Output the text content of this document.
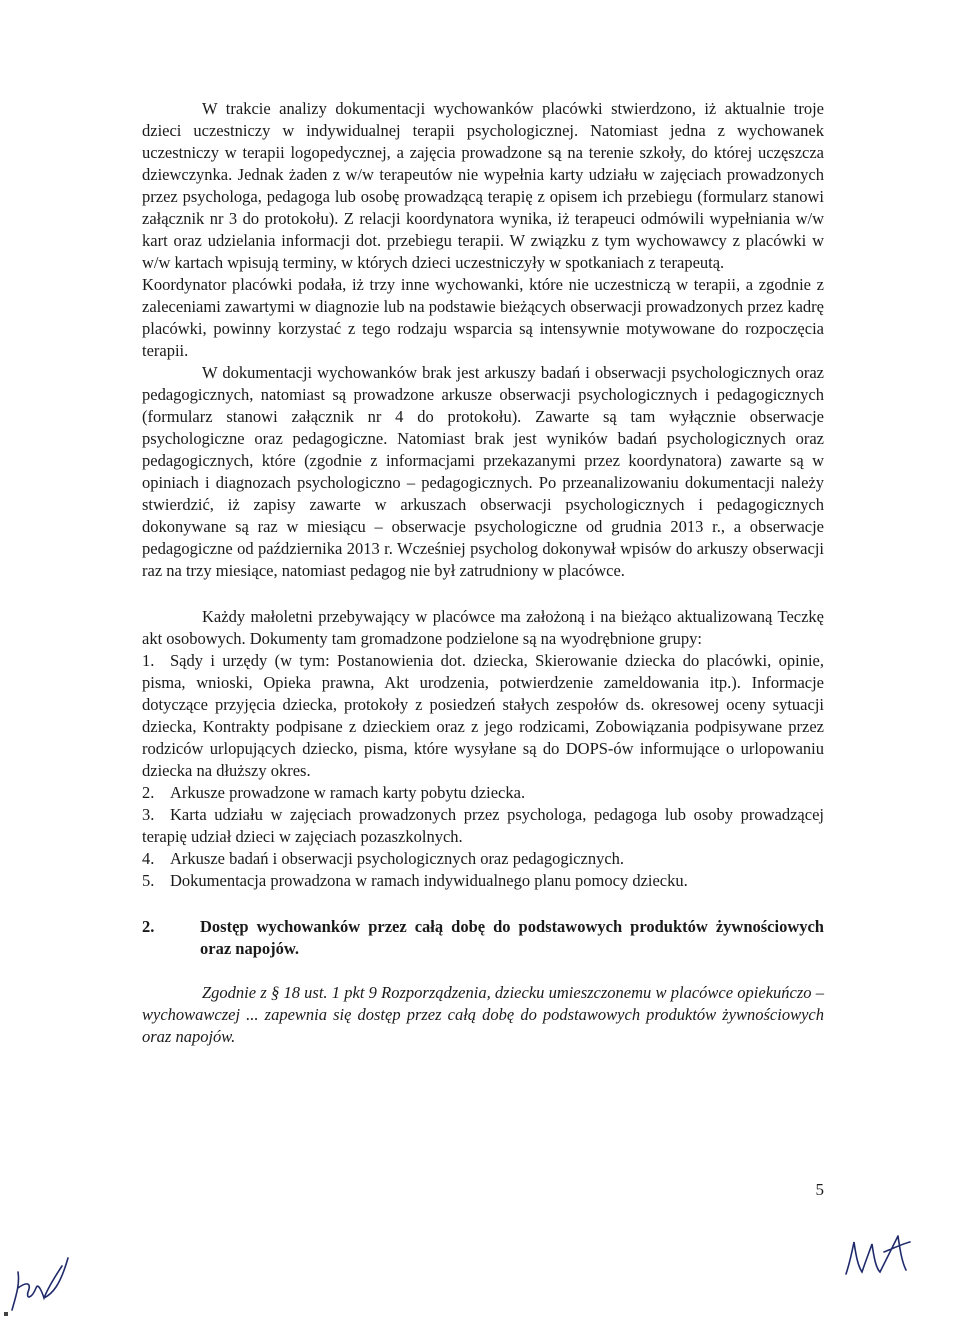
W trakcie analizy dokumentacji wychowanków placówki stwierdzono, iż aktualnie troje dzieci uczestniczy w indywidualnej terapii psychologicznej. Natomiast jedna z wychowanek uczestniczy w terapii logopedycznej, a zajęcia prowadzone są na terenie szkoły, do której uczęszcza dziewczynka. Jednak żaden z w/w terapeutów nie wypełnia karty udziału w zajęciach prowadzonych przez psychologa, pedagoga lub osobę prowadzącą terapię z opisem ich przebiegu (formularz stanowi załącznik nr 3 do protokołu). Z relacji koordynatora wynika, iż terapeuci odmówili wypełniania w/w kart oraz udzielania informacji dot. przebiegu terapii. W związku z tym wychowawcy z placówki w w/w kartach wpisują terminy, w których dzieci uczestniczyły w spotkaniach z terapeutą.

Koordynator placówki podała, iż trzy inne wychowanki, które nie uczestniczą w terapii, a zgodnie z zaleceniami zawartymi w diagnozie lub na podstawie bieżących obserwacji prowadzonych przez kadrę placówki, powinny korzystać z tego rodzaju wsparcia są intensywnie motywowane do rozpoczęcia terapii.

W dokumentacji wychowanków brak jest arkuszy badań i obserwacji psychologicznych oraz pedagogicznych, natomiast są prowadzone arkusze obserwacji psychologicznych i pedagogicznych (formularz stanowi załącznik nr 4 do protokołu). Zawarte są tam wyłącznie obserwacje psychologiczne oraz pedagogiczne. Natomiast brak jest wyników badań psychologicznych oraz pedagogicznych, które (zgodnie z informacjami przekazanymi przez koordynatora) zawarte są w opiniach i diagnozach psychologiczno – pedagogicznych. Po przeanalizowaniu dokumentacji należy stwierdzić, iż zapisy zawarte w arkuszach obserwacji psychologicznych i pedagogicznych dokonywane są raz w miesiącu – obserwacje psychologiczne od grudnia 2013 r., a obserwacje pedagogiczne od października 2013 r. Wcześniej psycholog dokonywał wpisów do arkuszy obserwacji raz na trzy miesiące, natomiast pedagog nie był zatrudniony w placówce.

Każdy małoletni przebywający w placówce ma założoną i na bieżąco aktualizowaną Teczkę akt osobowych. Dokumenty tam gromadzone podzielone są na wyodrębnione grupy:

1. Sądy i urzędy (w tym: Postanowienia dot. dziecka, Skierowanie dziecka do placówki, opinie, pisma, wnioski, Opieka prawna, Akt urodzenia, potwierdzenie zameldowania itp.). Informacje dotyczące przyjęcia dziecka, protokoły z posiedzeń stałych zespołów ds. okresowej oceny sytuacji dziecka, Kontrakty podpisane z dzieckiem oraz z jego rodzicami, Zobowiązania podpisywane przez rodziców urlopujących dziecko, pisma, które wysyłane są do DOPS-ów informujące o urlopowaniu dziecka na dłuższy okres.

2. Arkusze prowadzone w ramach karty pobytu dziecka.

3. Karta udziału w zajęciach prowadzonych przez psychologa, pedagoga lub osoby prowadzącej terapię udział dzieci w zajęciach pozaszkolnych.

4. Arkusze badań i obserwacji psychologicznych oraz pedagogicznych.

5. Dokumentacja prowadzona w ramach indywidualnego planu pomocy dziecku.

2.	Dostęp wychowanków przez całą dobę do podstawowych produktów żywnościowych oraz napojów.

Zgodnie z § 18 ust. 1 pkt 9 Rozporządzenia, dziecku umieszczonemu w placówce opiekuńczo – wychowawczej ... zapewnia się dostęp przez całą dobę do podstawowych produktów żywnościowych oraz napojów.

5
